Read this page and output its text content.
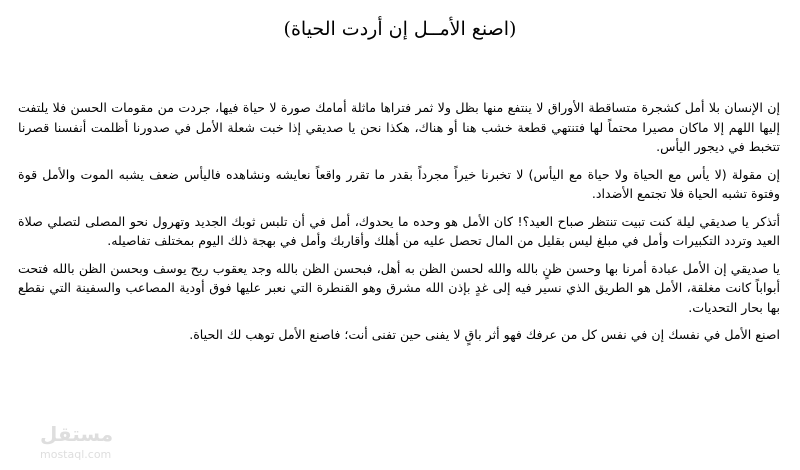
(اصنع الأمــل إن أردت الحياة)

إن الإنسان بلا أمل كشجرة متساقطة الأوراق لا ينتفع منها بظل ولا ثمر فتراها ماثلة أمامك صورة لا حياة فيها، جردت من مقومات الحسن فلا يلتفت إليها اللهم إلا ماكان مصيرا محتماً لها فتنتهي قطعة خشب هنا أو هناك، هكذا نحن يا صديقي إذا خبت شعلة الأمل في صدورنا أظلمت أنفسنا قصرنا تتخبط في ديجور اليأس.

إن مقولة (لا يأس مع الحياة ولا حياة مع اليأس) لا تخبرنا خيراً مجرداً بقدر ما تقرر واقعاً نعايشه ونشاهده فاليأس ضعف يشبه الموت والأمل قوة وفتوة تشبه الحياة فلا تجتمع الأضداد.

أتذكر يا صديقي ليلة كنت تبيت تنتظر صباح العيد؟! كان الأمل هو وحده ما يحدوك، أمل في أن تلبس ثوبك الجديد وتهرول نحو المصلى لتصلي صلاة العيد وتردد التكبيرات وأمل في مبلغ ليس بقليل من المال تحصل عليه من أهلك وأقاربك وأمل في بهجة ذلك اليوم بمختلف تفاصيله.

يا صديقي إن الأمل عبادة أمرنا بها وحسن ظنٍ بالله والله لحسن الظن به أهل، فبحسن الظن بالله وجد يعقوب ريح يوسف وبحسن الظن بالله فتحت أبواباً كانت مغلقة، الأمل هو الطريق الذي نسير فيه إلى غدٍ بإذن الله مشرق وهو القنطرة التي نعبر عليها فوق أودية المصاعب والسفينة التي نقطع بها بحار التحديات.

اصنع الأمل في نفسك إن في نفس كل من عرفك فهو أثر باقٍ لا يفنى حين تفنى أنت؛ فاصنع الأمل توهب لك الحياة.

مستقل
mostaql.com
